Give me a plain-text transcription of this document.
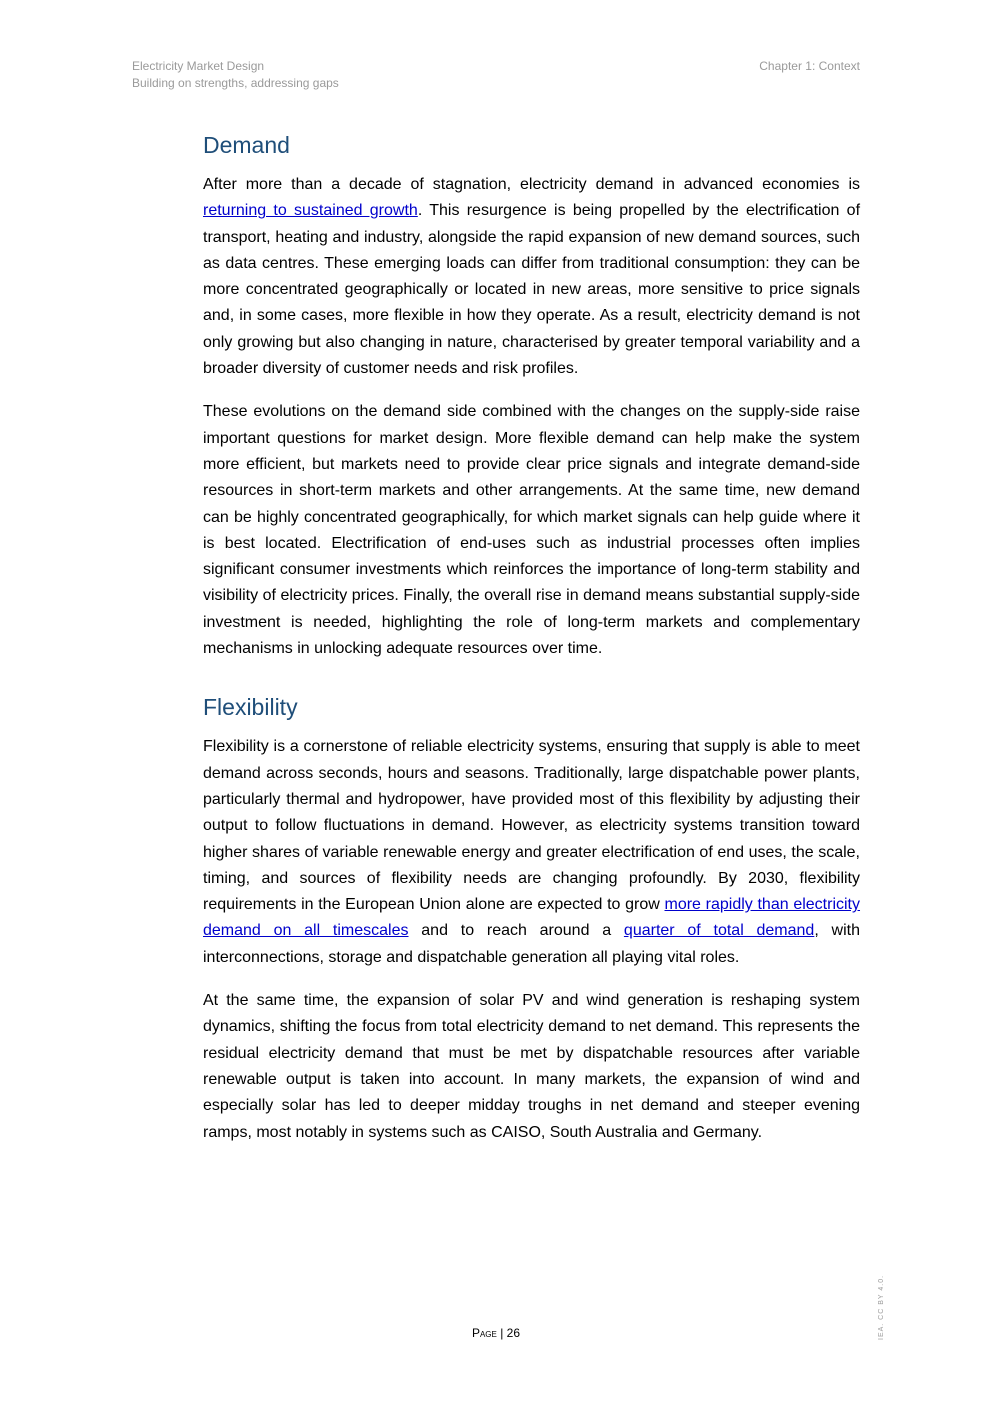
Electricity Market Design
Building on strengths, addressing gaps
Chapter 1: Context
Demand

After more than a decade of stagnation, electricity demand in advanced economies is returning to sustained growth. This resurgence is being propelled by the electrification of transport, heating and industry, alongside the rapid expansion of new demand sources, such as data centres. These emerging loads can differ from traditional consumption: they can be more concentrated geographically or located in new areas, more sensitive to price signals and, in some cases, more flexible in how they operate. As a result, electricity demand is not only growing but also changing in nature, characterised by greater temporal variability and a broader diversity of customer needs and risk profiles.

These evolutions on the demand side combined with the changes on the supply-side raise important questions for market design. More flexible demand can help make the system more efficient, but markets need to provide clear price signals and integrate demand-side resources in short-term markets and other arrangements. At the same time, new demand can be highly concentrated geographically, for which market signals can help guide where it is best located. Electrification of end-uses such as industrial processes often implies significant consumer investments which reinforces the importance of long-term stability and visibility of electricity prices. Finally, the overall rise in demand means substantial supply-side investment is needed, highlighting the role of long-term markets and complementary mechanisms in unlocking adequate resources over time.

Flexibility

Flexibility is a cornerstone of reliable electricity systems, ensuring that supply is able to meet demand across seconds, hours and seasons. Traditionally, large dispatchable power plants, particularly thermal and hydropower, have provided most of this flexibility by adjusting their output to follow fluctuations in demand. However, as electricity systems transition toward higher shares of variable renewable energy and greater electrification of end uses, the scale, timing, and sources of flexibility needs are changing profoundly. By 2030, flexibility requirements in the European Union alone are expected to grow more rapidly than electricity demand on all timescales and to reach around a quarter of total demand, with interconnections, storage and dispatchable generation all playing vital roles.

At the same time, the expansion of solar PV and wind generation is reshaping system dynamics, shifting the focus from total electricity demand to net demand. This represents the residual electricity demand that must be met by dispatchable resources after variable renewable output is taken into account. In many markets, the expansion of wind and especially solar has led to deeper midday troughs in net demand and steeper evening ramps, most notably in systems such as CAISO, South Australia and Germany.

Page | 26	IEA. CC BY 4.0.
